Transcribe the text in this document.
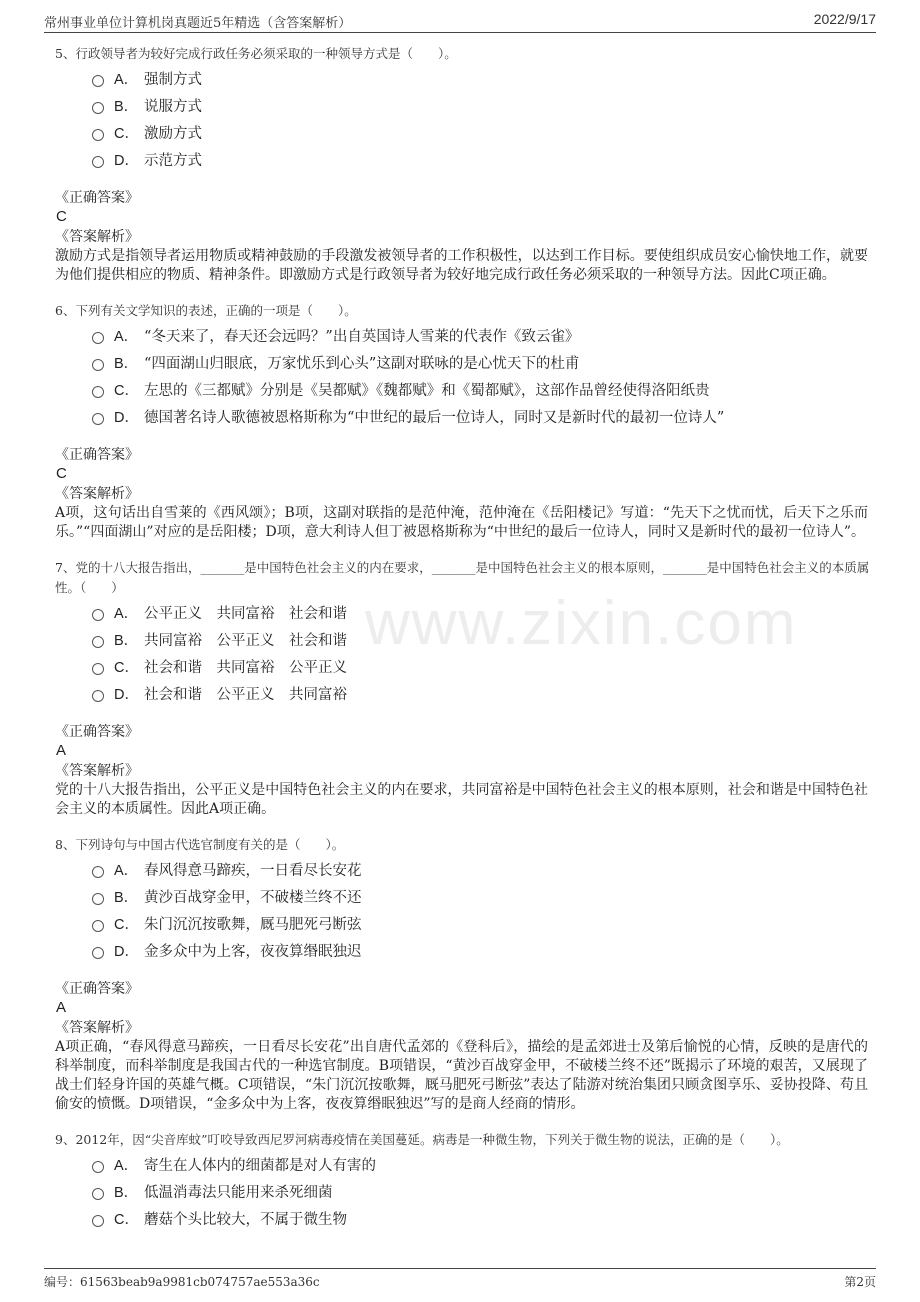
常州事业单位计算机岗真题近5年精选（含答案解析）	2022/9/17
www.zixin.com
5、行政领导者为较好完成行政任务必须采取的一种领导方式是（　　）。
A． 强制方式
B． 说服方式
C． 激励方式
D． 示范方式
《正确答案》
C
《答案解析》
激励方式是指领导者运用物质或精神鼓励的手段激发被领导者的工作积极性，以达到工作目标。要使组织成员安心愉快地工作，就要为他们提供相应的物质、精神条件。即激励方式是行政领导者为较好地完成行政任务必须采取的一种领导方法。因此C项正确。
6、下列有关文学知识的表述，正确的一项是（　　）。
A． “冬天来了，春天还会远吗？”出自英国诗人雪莱的代表作《致云雀》
B． “四面湖山归眼底，万家忧乐到心头”这副对联咏的是心忧天下的杜甫
C． 左思的《三都赋》分别是《吴都赋》《魏都赋》和《蜀都赋》，这部作品曾经使得洛阳纸贵
D． 德国著名诗人歌德被恩格斯称为“中世纪的最后一位诗人，同时又是新时代的最初一位诗人”
《正确答案》
C
《答案解析》
A项，这句话出自雪莱的《西风颂》；B项，这副对联指的是范仲淹，范仲淹在《岳阳楼记》写道：“先天下之忧而忧，后天下之乐而乐。”“四面湖山”对应的是岳阳楼；D项，意大利诗人但丁被恩格斯称为“中世纪的最后一位诗人，同时又是新时代的最初一位诗人”。
7、党的十八大报告指出，_______是中国特色社会主义的内在要求，_______是中国特色社会主义的根本原则，_______是中国特色社会主义的本质属性。（　　）
A． 公平正义　共同富裕　社会和谐
B． 共同富裕　公平正义　社会和谐
C． 社会和谐　共同富裕　公平正义
D． 社会和谐　公平正义　共同富裕
《正确答案》
A
《答案解析》
党的十八大报告指出，公平正义是中国特色社会主义的内在要求，共同富裕是中国特色社会主义的根本原则，社会和谐是中国特色社会主义的本质属性。因此A项正确。
8、下列诗句与中国古代选官制度有关的是（　　）。
A． 春风得意马蹄疾，一日看尽长安花
B． 黄沙百战穿金甲，不破楼兰终不还
C． 朱门沉沉按歌舞，厩马肥死弓断弦
D． 金多众中为上客，夜夜算缗眠独迟
《正确答案》
A
《答案解析》
A项正确，“春风得意马蹄疾，一日看尽长安花”出自唐代孟郊的《登科后》，描绘的是孟郊进士及第后愉悦的心情，反映的是唐代的科举制度，而科举制度是我国古代的一种选官制度。B项错误，“黄沙百战穿金甲，不破楼兰终不还”既揭示了环境的艰苦，又展现了战士们轻身许国的英雄气概。C项错误，“朱门沉沉按歌舞，厩马肥死弓断弦”表达了陆游对统治集团只顾贪图享乐、妥协投降、苟且偷安的愤慨。D项错误，“金多众中为上客，夜夜算缗眠独迟”写的是商人经商的情形。
9、2012年，因“尖音库蚊”叮咬导致西尼罗河病毒疫情在美国蔓延。病毒是一种微生物，下列关于微生物的说法，正确的是（　　）。
A． 寄生在人体内的细菌都是对人有害的
B． 低温消毒法只能用来杀死细菌
C． 蘑菇个头比较大，不属于微生物
编号：61563beab9a9981cb074757ae553a36c	第2页
